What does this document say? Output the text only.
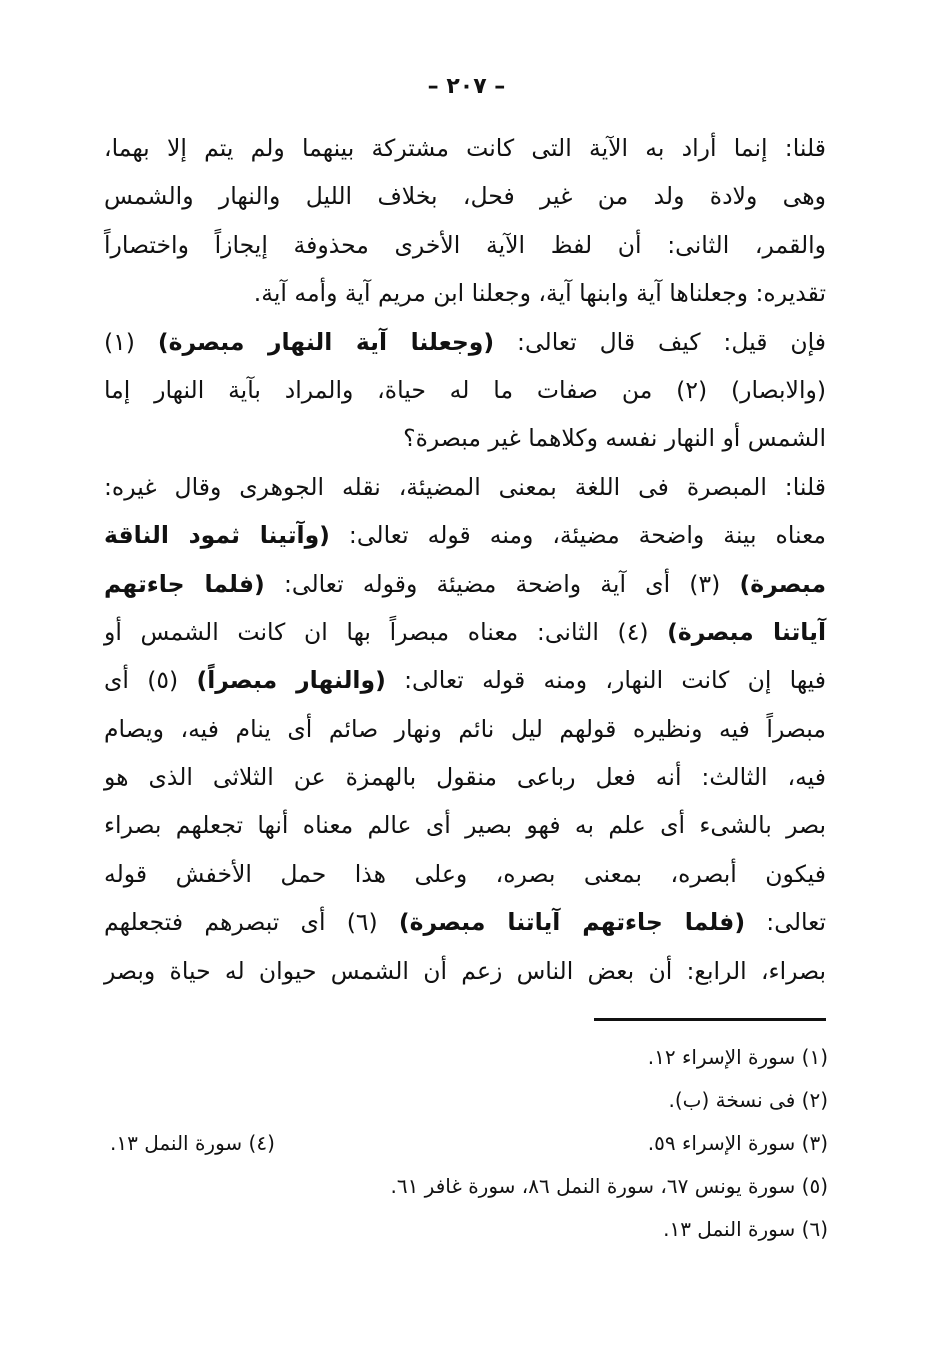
– ٢٠٧ –
قلنا: إنما أراد به الآية التى كانت مشتركة بينهما ولم يتم إلا بهما،
وهى ولادة ولد من غير فحل، بخلاف الليل والنهار والشمس
والقمر، الثانى: أن لفظ الآية الأخرى محذوفة إيجازاً واختصاراً
تقديره: وجعلناها آية وابنها آية، وجعلنا ابن مريم آية وأمه آية.
فإن قيل: كيف قال تعالى: (وجعلنا آية النهار مبصرة) (١)
(والابصار) (٢) من صفات ما له حياة، والمراد بآية النهار إما
الشمس أو النهار نفسه وكلاهما غير مبصرة؟
قلنا: المبصرة فى اللغة بمعنى المضيئة، نقله الجوهرى وقال غيره:
معناه بينة واضحة مضيئة، ومنه قوله تعالى: (وآتينا ثمود الناقة
مبصرة) (٣) أى آية واضحة مضيئة وقوله تعالى: (فلما جاءتهم
آياتنا مبصرة) (٤) الثانى: معناه مبصراً بها ان كانت الشمس أو
فيها إن كانت النهار، ومنه قوله تعالى: (والنهار مبصراً) (٥) أى
مبصراً فيه ونظيره قولهم ليل نائم ونهار صائم أى ينام فيه، ويصام
فيه، الثالث: أنه فعل رباعى منقول بالهمزة عن الثلاثى الذى هو
بصر بالشىء أى علم به فهو بصير أى عالم معناه أنها تجعلهم بصراء
فيكون أبصره، بمعنى بصره، وعلى هذا حمل الأخفش قوله
تعالى: (فلما جاءتهم آياتنا مبصرة) (٦) أى تبصرهم فتجعلهم
بصراء، الرابع: أن بعض الناس زعم أن الشمس حيوان له حياة وبصر
(١) سورة الإسراء ١٢.
(٢) فى نسخة (ب).
(٣) سورة الإسراء ٥٩.
(٤) سورة النمل ١٣.
(٥) سورة يونس ٦٧، سورة النمل ٨٦، سورة غافر ٦١.
(٦) سورة النمل ١٣.
